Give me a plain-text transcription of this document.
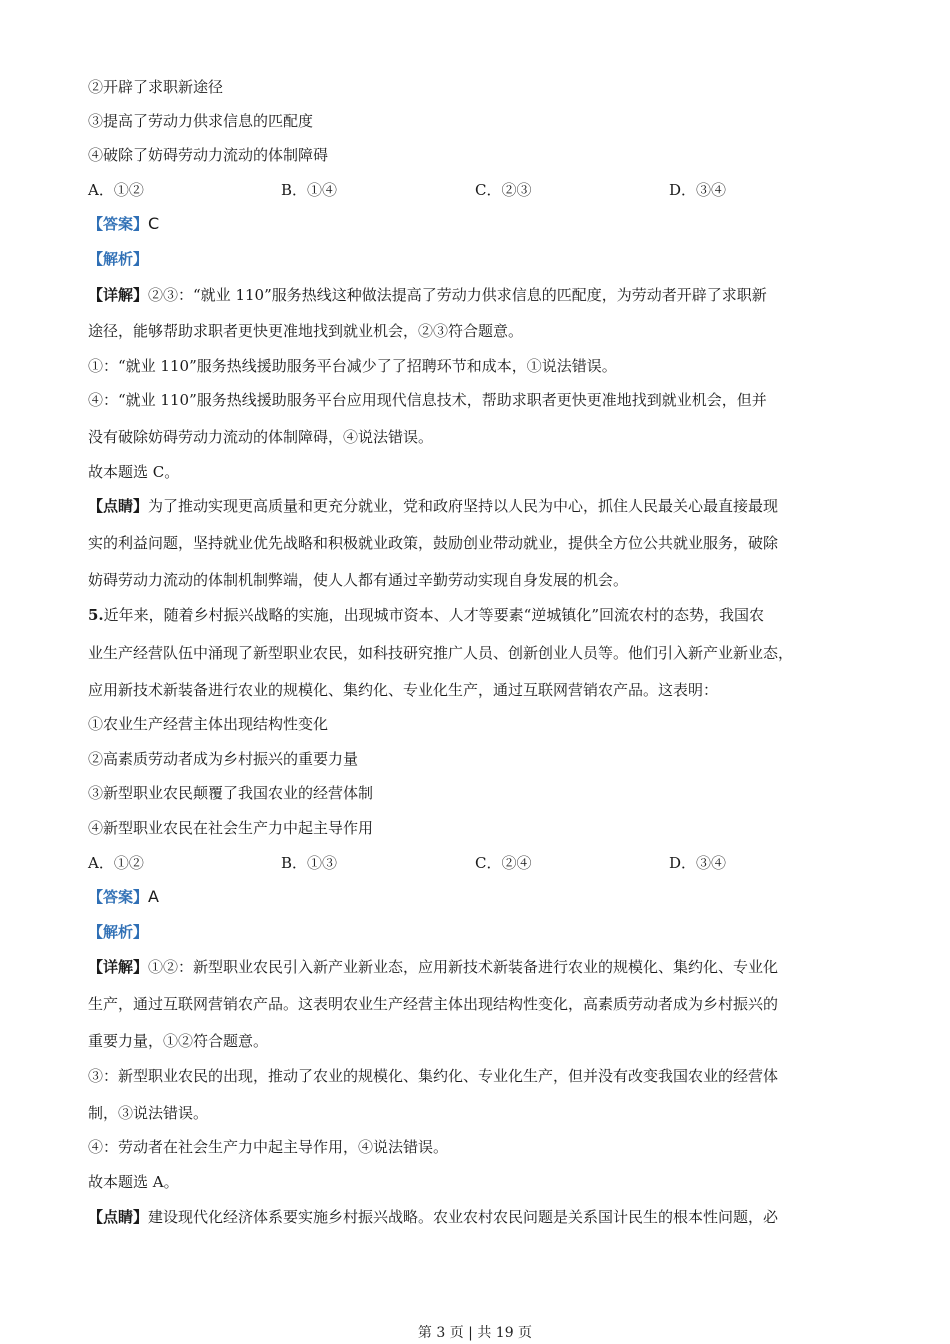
②开辟了求职新途径
③提高了劳动力供求信息的匹配度
④破除了妨碍劳动力流动的体制障碍
A．①②	B．①④	C．②③	D．③④
【答案】C
【解析】
【详解】②③：“就业 110”服务热线这种做法提高了劳动力供求信息的匹配度，为劳动者开辟了求职新
途径，能够帮助求职者更快更准地找到就业机会，②③符合题意。
①：“就业 110”服务热线援助服务平台减少了了招聘环节和成本，①说法错误。
④：“就业 110”服务热线援助服务平台应用现代信息技术，帮助求职者更快更准地找到就业机会，但并
没有破除妨碍劳动力流动的体制障碍，④说法错误。
故本题选 C。
【点睛】为了推动实现更高质量和更充分就业，党和政府坚持以人民为中心，抓住人民最关心最直接最现
实的利益问题，坚持就业优先战略和积极就业政策，鼓励创业带动就业，提供全方位公共就业服务，破除
妨碍劳动力流动的体制机制弊端，使人人都有通过辛勤劳动实现自身发展的机会。
5.近年来，随着乡村振兴战略的实施，出现城市资本、人才等要素“逆城镇化”回流农村的态势，我国农
业生产经营队伍中涌现了新型职业农民，如科技研究推广人员、创新创业人员等。他们引入新产业新业态，
应用新技术新装备进行农业的规模化、集约化、专业化生产，通过互联网营销农产品。这表明：
①农业生产经营主体出现结构性变化
②高素质劳动者成为乡村振兴的重要力量
③新型职业农民颠覆了我国农业的经营体制
④新型职业农民在社会生产力中起主导作用
A．①②	B．①③	C．②④	D．③④
【答案】A
【解析】
【详解】①②：新型职业农民引入新产业新业态，应用新技术新装备进行农业的规模化、集约化、专业化
生产，通过互联网营销农产品。这表明农业生产经营主体出现结构性变化，高素质劳动者成为乡村振兴的
重要力量，①②符合题意。
③：新型职业农民的出现，推动了农业的规模化、集约化、专业化生产，但并没有改变我国农业的经营体
制，③说法错误。
④：劳动者在社会生产力中起主导作用，④说法错误。
故本题选 A。
【点睛】建设现代化经济体系要实施乡村振兴战略。农业农村农民问题是关系国计民生的根本性问题，必
第 3 页 | 共 19 页
